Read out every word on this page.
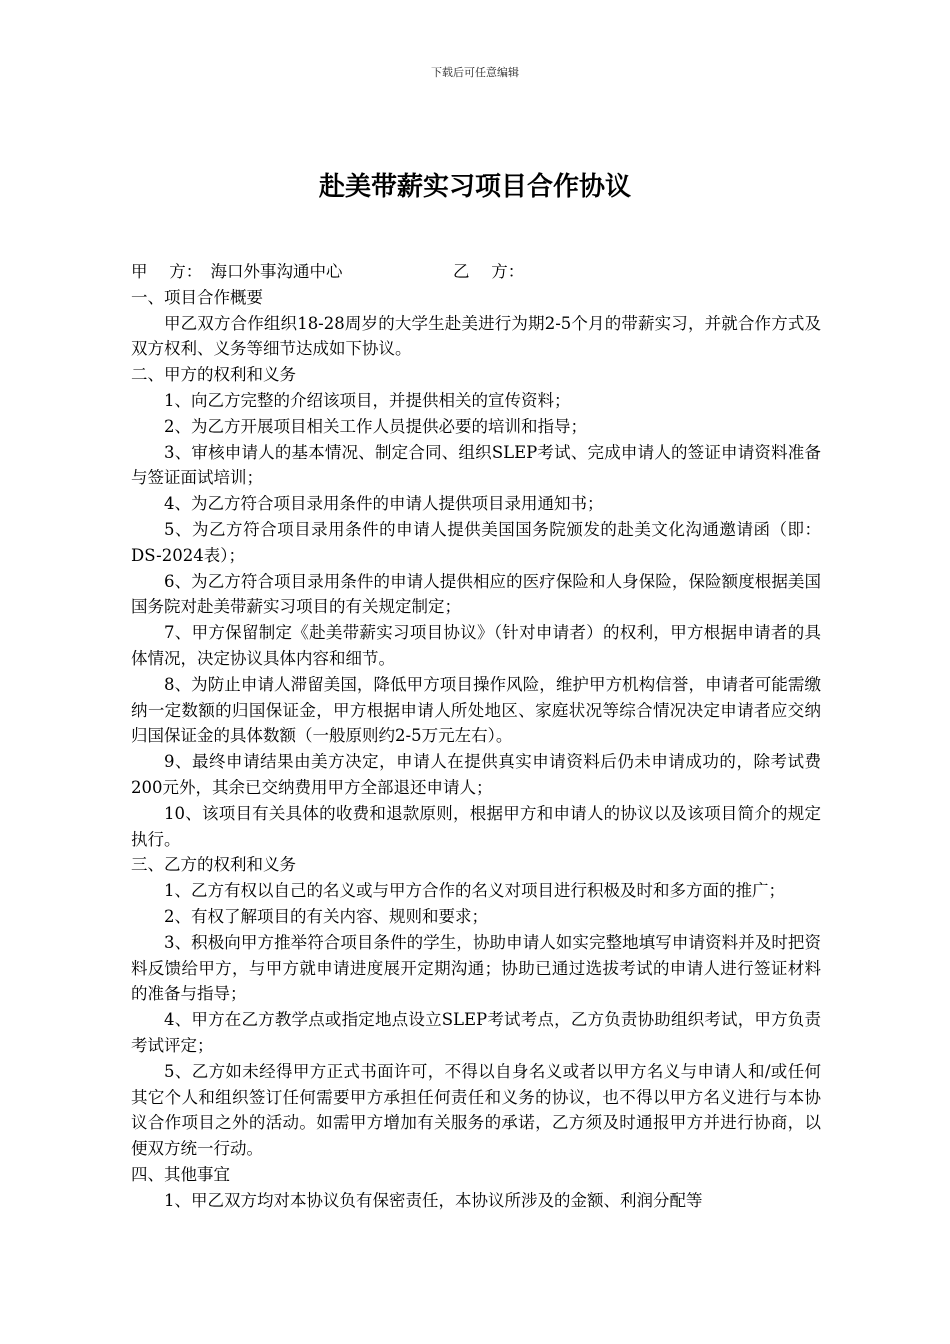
下载后可任意编辑
赴美带薪实习项目合作协议

甲　 方：　海口外事沟通中心	乙　 方：

一、项目合作概要

甲乙双方合作组织18-28周岁的大学生赴美进行为期2-5个月的带薪实习，并就合作方式及双方权利、义务等细节达成如下协议。

二、甲方的权利和义务

1、向乙方完整的介绍该项目，并提供相关的宣传资料；

2、为乙方开展项目相关工作人员提供必要的培训和指导；

3、审核申请人的基本情况、制定合同、组织SLEP考试、完成申请人的签证申请资料准备与签证面试培训；

4、为乙方符合项目录用条件的申请人提供项目录用通知书；

5、为乙方符合项目录用条件的申请人提供美国国务院颁发的赴美文化沟通邀请函（即：DS-2024表）；

6、为乙方符合项目录用条件的申请人提供相应的医疗保险和人身保险，保险额度根据美国国务院对赴美带薪实习项目的有关规定制定；

7、甲方保留制定《赴美带薪实习项目协议》（针对申请者）的权利，甲方根据申请者的具体情况，决定协议具体内容和细节。

8、为防止申请人滞留美国，降低甲方项目操作风险，维护甲方机构信誉，申请者可能需缴纳一定数额的归国保证金，甲方根据申请人所处地区、家庭状况等综合情况决定申请者应交纳归国保证金的具体数额（一般原则约2-5万元左右）。

9、最终申请结果由美方决定，申请人在提供真实申请资料后仍未申请成功的，除考试费200元外，其余已交纳费用甲方全部退还申请人；

10、该项目有关具体的收费和退款原则，根据甲方和申请人的协议以及该项目简介的规定执行。

三、乙方的权利和义务

1、乙方有权以自己的名义或与甲方合作的名义对项目进行积极及时和多方面的推广；

2、有权了解项目的有关内容、规则和要求；

3、积极向甲方推举符合项目条件的学生，协助申请人如实完整地填写申请资料并及时把资料反馈给甲方，与甲方就申请进度展开定期沟通；协助已通过选拔考试的申请人进行签证材料的准备与指导；

4、甲方在乙方教学点或指定地点设立SLEP考试考点，乙方负责协助组织考试，甲方负责考试评定；

5、乙方如未经得甲方正式书面许可，不得以自身名义或者以甲方名义与申请人和/或任何其它个人和组织签订任何需要甲方承担任何责任和义务的协议，也不得以甲方名义进行与本协议合作项目之外的活动。如需甲方增加有关服务的承诺，乙方须及时通报甲方并进行协商，以便双方统一行动。

四、其他事宜

1、甲乙双方均对本协议负有保密责任，本协议所涉及的金额、利润分配等
